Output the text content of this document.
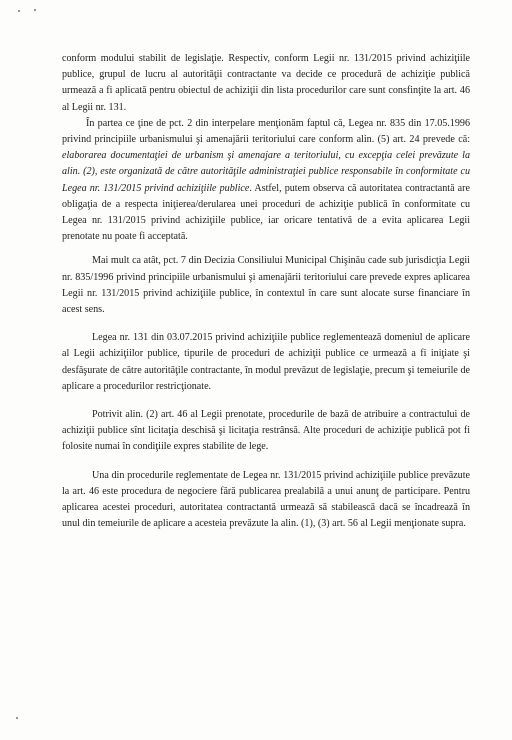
conform modului stabilit de legislaţie. Respectiv, conform Legii nr. 131/2015 privind achiziţiile publice, grupul de lucru al autorităţii contractante va decide ce procedură de achiziţie publică urmează a fi aplicată pentru obiectul de achiziţii din lista procedurilor care sunt consfinţite la art. 46 al Legii nr. 131.

În partea ce ţine de pct. 2 din interpelare menţionăm faptul că, Legea nr. 835 din 17.05.1996 privind principiile urbanismului şi amenajării teritoriului care conform alin. (5) art. 24 prevede că: elaborarea documentaţiei de urbanism şi amenajare a teritoriului, cu excepţia celei prevăzute la alin. (2), este organizată de către autorităţile administraţiei publice responsabile în conformitate cu Legea nr. 131/2015 privind achiziţiile publice. Astfel, putem observa că autoritatea contractantă are obligaţia de a respecta iniţierea/derularea unei proceduri de achiziţie publică în conformitate cu Legea nr. 131/2015 privind achiziţiile publice, iar oricare tentativă de a evita aplicarea Legii prenotate nu poate fi acceptată.

Mai mult ca atât, pct. 7 din Decizia Consiliului Municipal Chişinău cade sub jurisdicţia Legii nr. 835/1996 privind principiile urbanismului şi amenajării teritoriului care prevede expres aplicarea Legii nr. 131/2015 privind achiziţiile publice, în contextul în care sunt alocate surse financiare în acest sens.

Legea nr. 131 din 03.07.2015 privind achiziţiile publice reglementează domeniul de aplicare al Legii achiziţiilor publice, tipurile de proceduri de achiziţii publice ce urmează a fi iniţiate şi desfăşurate de către autorităţile contractante, în modul prevăzut de legislaţie, precum şi temeiurile de aplicare a procedurilor restricţionate.

Potrivit alin. (2) art. 46 al Legii prenotate, procedurile de bază de atribuire a contractului de achiziţii publice sînt licitaţia deschisă şi licitaţia restrânsă. Alte proceduri de achiziţie publică pot fi folosite numai în condiţiile expres stabilite de lege.

Una din procedurile reglementate de Legea nr. 131/2015 privind achiziţiile publice prevăzute la art. 46 este procedura de negociere fără publicarea prealabilă a unui anunţ de participare. Pentru aplicarea acestei proceduri, autoritatea contractantă urmează să stabilească dacă se încadrează în unul din temeiurile de aplicare a acesteia prevăzute la alin. (1), (3) art. 56 al Legii menţionate supra.
